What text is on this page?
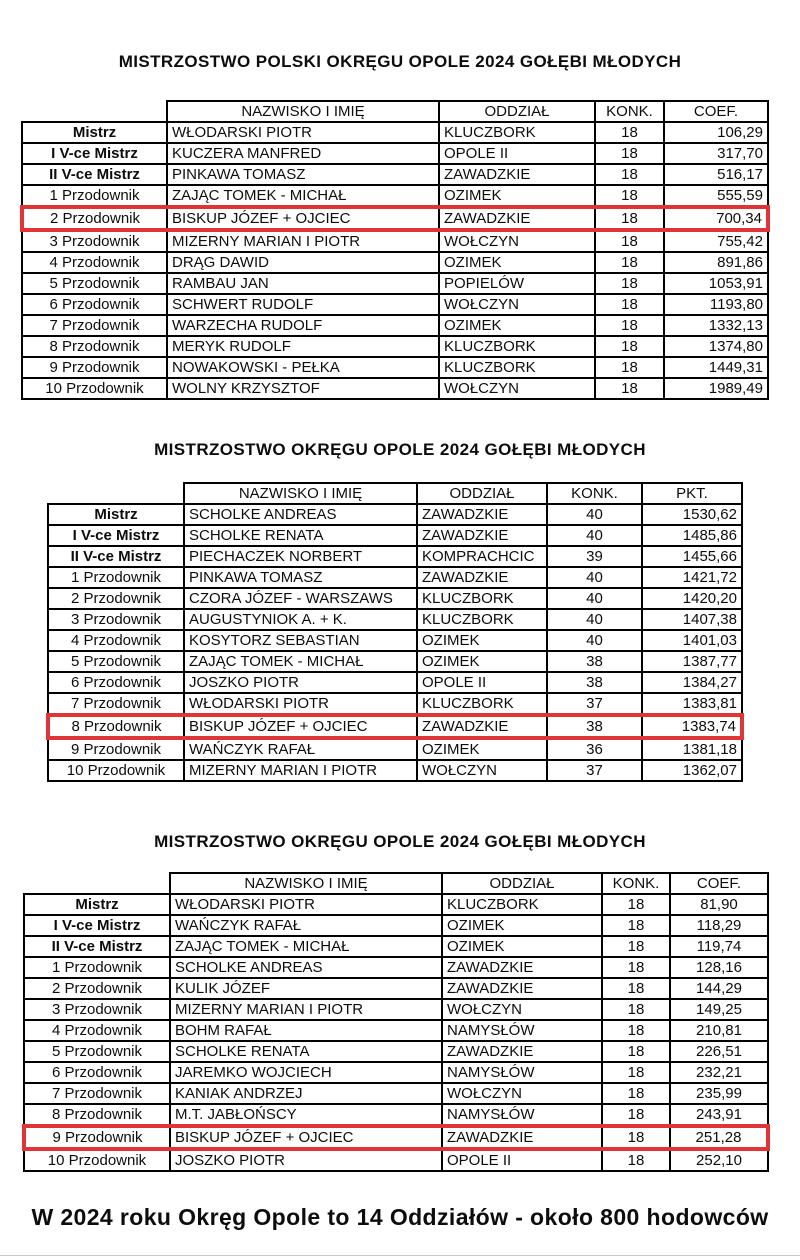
MISTRZOSTWO POLSKI OKRĘGU OPOLE 2024 GOŁĘBI MŁODYCH
	NAZWISKO I IMIĘ	ODDZIAŁ	KONK.	COEF.
Mistrz	WŁODARSKI PIOTR	KLUCZBORK	18	106,29
I V-ce Mistrz	KUCZERA MANFRED	OPOLE II	18	317,70
II V-ce Mistrz	PINKAWA TOMASZ	ZAWADZKIE	18	516,17
1 Przodownik	ZAJĄC TOMEK - MICHAŁ	OZIMEK	18	555,59
2 Przodownik	BISKUP JÓZEF + OJCIEC	ZAWADZKIE	18	700,34
3 Przodownik	MIZERNY MARIAN I PIOTR	WOŁCZYN	18	755,42
4 Przodownik	DRĄG DAWID	OZIMEK	18	891,86
5 Przodownik	RAMBAU JAN	POPIELÓW	18	1053,91
6 Przodownik	SCHWERT RUDOLF	WOŁCZYN	18	1193,80
7 Przodownik	WARZECHA RUDOLF	OZIMEK	18	1332,13
8 Przodownik	MERYK RUDOLF	KLUCZBORK	18	1374,80
9 Przodownik	NOWAKOWSKI - PEŁKA	KLUCZBORK	18	1449,31
10 Przodownik	WOLNY KRZYSZTOF	WOŁCZYN	18	1989,49
MISTRZOSTWO OKRĘGU OPOLE 2024 GOŁĘBI MŁODYCH
	NAZWISKO I IMIĘ	ODDZIAŁ	KONK.	PKT.
Mistrz	SCHOLKE ANDREAS	ZAWADZKIE	40	1530,62
I V-ce Mistrz	SCHOLKE RENATA	ZAWADZKIE	40	1485,86
II V-ce Mistrz	PIECHACZEK NORBERT	KOMPRACHCIC	39	1455,66
1 Przodownik	PINKAWA TOMASZ	ZAWADZKIE	40	1421,72
2 Przodownik	CZORA JÓZEF - WARSZAWS	KLUCZBORK	40	1420,20
3 Przodownik	AUGUSTYNIOK A. + K.	KLUCZBORK	40	1407,38
4 Przodownik	KOSYTORZ SEBASTIAN	OZIMEK	40	1401,03
5 Przodownik	ZAJĄC TOMEK - MICHAŁ	OZIMEK	38	1387,77
6 Przodownik	JOSZKO PIOTR	OPOLE II	38	1384,27
7 Przodownik	WŁODARSKI PIOTR	KLUCZBORK	37	1383,81
8 Przodownik	BISKUP JÓZEF + OJCIEC	ZAWADZKIE	38	1383,74
9 Przodownik	WAŃCZYK RAFAŁ	OZIMEK	36	1381,18
10 Przodownik	MIZERNY MARIAN I PIOTR	WOŁCZYN	37	1362,07
MISTRZOSTWO OKRĘGU OPOLE 2024 GOŁĘBI MŁODYCH
	NAZWISKO I IMIĘ	ODDZIAŁ	KONK.	COEF.
Mistrz	WŁODARSKI PIOTR	KLUCZBORK	18	81,90
I V-ce Mistrz	WAŃCZYK RAFAŁ	OZIMEK	18	118,29
II V-ce Mistrz	ZAJĄC TOMEK - MICHAŁ	OZIMEK	18	119,74
1 Przodownik	SCHOLKE ANDREAS	ZAWADZKIE	18	128,16
2 Przodownik	KULIK JÓZEF	ZAWADZKIE	18	144,29
3 Przodownik	MIZERNY MARIAN I PIOTR	WOŁCZYN	18	149,25
4 Przodownik	BOHM RAFAŁ	NAMYSŁÓW	18	210,81
5 Przodownik	SCHOLKE RENATA	ZAWADZKIE	18	226,51
6 Przodownik	JAREMKO WOJCIECH	NAMYSŁÓW	18	232,21
7 Przodownik	KANIAK ANDRZEJ	WOŁCZYN	18	235,99
8 Przodownik	M.T. JABŁOŃSCY	NAMYSŁÓW	18	243,91
9 Przodownik	BISKUP JÓZEF + OJCIEC	ZAWADZKIE	18	251,28
10 Przodownik	JOSZKO PIOTR	OPOLE II	18	252,10
W 2024 roku Okręg Opole to 14 Oddziałów - około 800 hodowców
